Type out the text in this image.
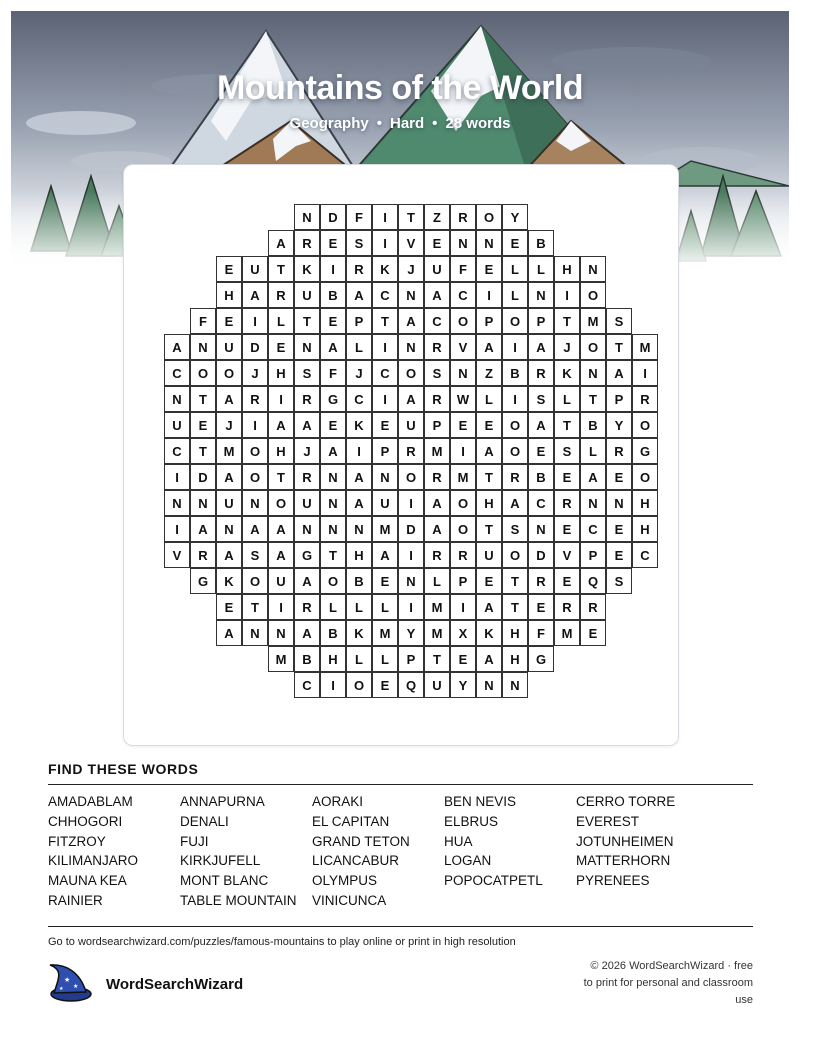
Mountains of the World
Geography • Hard • 28 words
N	D	F	I	T	Z	R	O	Y
A	R	E	S	I	V	E	N	N	E	B
E	U	T	K	I	R	K	J	U	F	E	L	L	H	N
H	A	R	U	B	A	C	N	A	C	I	L	N	I	O
F	E	I	L	T	E	P	T	A	C	O	P	O	P	T	M	S
A	N	U	D	E	N	A	L	I	N	R	V	A	I	A	J	O	T	M
C	O	O	J	H	S	F	J	C	O	S	N	Z	B	R	K	N	A	I
N	T	A	R	I	R	G	C	I	A	R	W	L	I	S	L	T	P	R
U	E	J	I	A	A	E	K	E	U	P	E	E	O	A	T	B	Y	O
C	T	M	O	H	J	A	I	P	R	M	I	A	O	E	S	L	R	G
I	D	A	O	T	R	N	A	N	O	R	M	T	R	B	E	A	E	O
N	N	U	N	O	U	N	A	U	I	A	O	H	A	C	R	N	N	H
I	A	N	A	A	N	N	N	M	D	A	O	T	S	N	E	C	E	H
V	R	A	S	A	G	T	H	A	I	R	R	U	O	D	V	P	E	C
G	K	O	U	A	O	B	E	N	L	P	E	T	R	E	Q	S
E	T	I	R	L	L	L	I	M	I	A	T	E	R	R
A	N	N	A	B	K	M	Y	M	X	K	H	F	M	E
M	B	H	L	L	P	T	E	A	H	G
C	I	O	E	Q	U	Y	N	N
FIND THESE WORDS
AMADABLAM	ANNAPURNA	AORAKI	BEN NEVIS	CERRO TORRE
CHHOGORI	DENALI	EL CAPITAN	ELBRUS	EVEREST
FITZROY	FUJI	GRAND TETON	HUA	JOTUNHEIMEN
KILIMANJARO	KIRKJUFELL	LICANCABUR	LOGAN	MATTERHORN
MAUNA KEA	MONT BLANC	OLYMPUS	POPOCATPETL	PYRENEES
RAINIER	TABLE MOUNTAIN	VINICUNCA
Go to wordsearchwizard.com/puzzles/famous-mountains to play online or print in high resolution
★
★
★	WordSearchWizard
© 2026 WordSearchWizard · free to print for personal and classroom use
